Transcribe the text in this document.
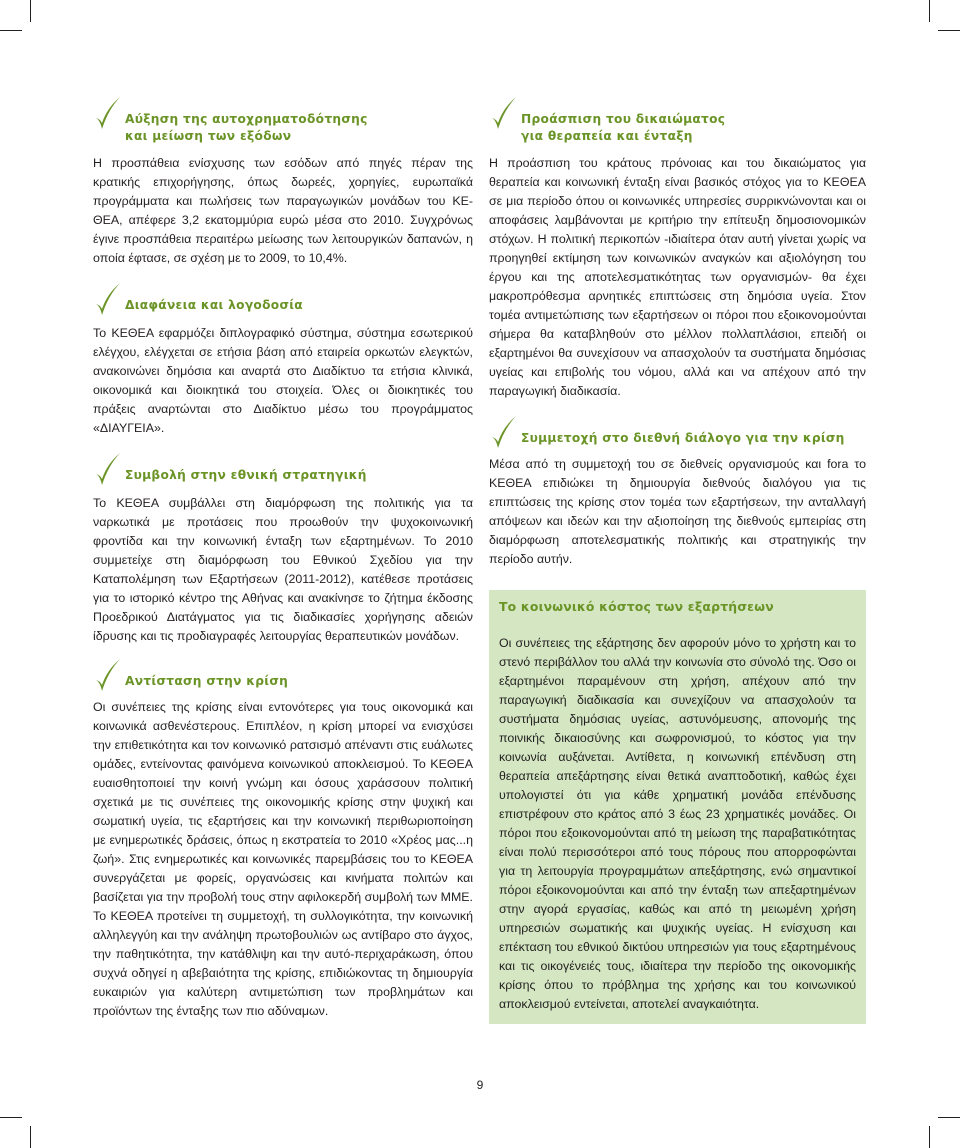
Αύξηση της αυτοχρηματοδότησης
και μείωση των εξόδων

Η προσπάθεια ενίσχυσης των εσόδων από πηγές πέραν της κρατικής επιχορήγησης, όπως δωρεές, χορηγίες, ευρωπαϊκά προγράμματα και πωλήσεις των παραγωγικών μονάδων του ΚΕ-ΘΕΑ, απέφερε 3,2 εκατομμύρια ευρώ μέσα στο 2010. Συγχρόνως έγινε προσπάθεια περαιτέρω μείωσης των λειτουργικών δαπανών, η οποία έφτασε, σε σχέση με το 2009, το 10,4%.

Διαφάνεια και λογοδοσία

Το ΚΕΘΕΑ εφαρμόζει διπλογραφικό σύστημα, σύστημα εσωτερικού ελέγχου, ελέγχεται σε ετήσια βάση από εταιρεία ορκωτών ελεγκτών, ανακοινώνει δημόσια και αναρτά στο Διαδίκτυο τα ετήσια κλινικά, οικονομικά και διοικητικά του στοιχεία. Όλες οι διοικητικές του πράξεις αναρτώνται στο Διαδίκτυο μέσω του προγράμματος «ΔΙΑΥΓΕΙΑ».

Συμβολή στην εθνική στρατηγική

Το ΚΕΘΕΑ συμβάλλει στη διαμόρφωση της πολιτικής για τα ναρκωτικά με προτάσεις που προωθούν την ψυχοκοινωνική φροντίδα και την κοινωνική ένταξη των εξαρτημένων. Το 2010 συμμετείχε στη διαμόρφωση του Εθνικού Σχεδίου για την Καταπολέμηση των Εξαρτήσεων (2011-2012), κατέθεσε προτάσεις για το ιστορικό κέντρο της Αθήνας και ανακίνησε το ζήτημα έκδοσης Προεδρικού Διατάγματος για τις διαδικασίες χορήγησης αδειών ίδρυσης και τις προδιαγραφές λειτουργίας θεραπευτικών μονάδων.

Αντίσταση στην κρίση

Οι συνέπειες της κρίσης είναι εντονότερες για τους οικονομικά και κοινωνικά ασθενέστερους. Επιπλέον, η κρίση μπορεί να ενισχύσει την επιθετικότητα και τον κοινωνικό ρατσισμό απέναντι στις ευάλωτες ομάδες, εντείνοντας φαινόμενα κοινωνικού αποκλεισμού. Το ΚΕΘΕΑ ευαισθητοποιεί την κοινή γνώμη και όσους χαράσσουν πολιτική σχετικά με τις συνέπειες της οικονομικής κρίσης στην ψυχική και σωματική υγεία, τις εξαρτήσεις και την κοινωνική περιθωριοποίηση με ενημερωτικές δράσεις, όπως η εκστρατεία το 2010 «Χρέος μας...η ζωή». Στις ενημερωτικές και κοινωνικές παρεμβάσεις του το ΚΕΘΕΑ συνεργάζεται με φορείς, οργανώσεις και κινήματα πολιτών και βασίζεται για την προβολή τους στην αφιλοκερδή συμβολή των ΜΜΕ. Το ΚΕΘΕΑ προτείνει τη συμμετοχή, τη συλλογικότητα, την κοινωνική αλληλεγγύη και την ανάληψη πρωτοβουλιών ως αντίβαρο στο άγχος, την παθητικότητα, την κατάθλιψη και την αυτό-περιχαράκωση, όπου συχνά οδηγεί η αβεβαιότητα της κρίσης, επιδιώκοντας τη δημιουργία ευκαιριών για καλύτερη αντιμετώπιση των προβλημάτων και προϊόντων της ένταξης των πιο αδύναμων.

Προάσπιση του δικαιώματος
για θεραπεία και ένταξη

Η προάσπιση του κράτους πρόνοιας και του δικαιώματος για θεραπεία και κοινωνική ένταξη είναι βασικός στόχος για το ΚΕΘΕΑ σε μια περίοδο όπου οι κοινωνικές υπηρεσίες συρρικνώνονται και οι αποφάσεις λαμβάνονται με κριτήριο την επίτευξη δημοσιονομικών στόχων. Η πολιτική περικοπών -ιδιαίτερα όταν αυτή γίνεται χωρίς να προηγηθεί εκτίμηση των κοινωνικών αναγκών και αξιολόγηση του έργου και της αποτελεσματικότητας των οργανισμών- θα έχει μακροπρόθεσμα αρνητικές επιπτώσεις στη δημόσια υγεία. Στον τομέα αντιμετώπισης των εξαρτήσεων οι πόροι που εξοικονομούνται σήμερα θα καταβληθούν στο μέλλον πολλαπλάσιοι, επειδή οι εξαρτημένοι θα συνεχίσουν να απασχολούν τα συστήματα δημόσιας υγείας και επιβολής του νόμου, αλλά και να απέχουν από την παραγωγική διαδικασία.

Συμμετοχή στο διεθνή διάλογο για την κρίση

Μέσα από τη συμμετοχή του σε διεθνείς οργανισμούς και fora το ΚΕΘΕΑ επιδιώκει τη δημιουργία διεθνούς διαλόγου για τις επιπτώσεις της κρίσης στον τομέα των εξαρτήσεων, την ανταλλαγή απόψεων και ιδεών και την αξιοποίηση της διεθνούς εμπειρίας στη διαμόρφωση αποτελεσματικής πολιτικής και στρατηγικής την περίοδο αυτήν.

Το κοινωνικό κόστος των εξαρτήσεων

Οι συνέπειες της εξάρτησης δεν αφορούν μόνο το χρήστη και το στενό περιβάλλον του αλλά την κοινωνία στο σύνολό της. Όσο οι εξαρτημένοι παραμένουν στη χρήση, απέχουν από την παραγωγική διαδικασία και συνεχίζουν να απασχολούν τα συστήματα δημόσιας υγείας, αστυνόμευσης, απονομής της ποινικής δικαιοσύνης και σωφρονισμού, το κόστος για την κοινωνία αυξάνεται. Αντίθετα, η κοινωνική επένδυση στη θεραπεία απεξάρτησης είναι θετικά αναπτοδοτική, καθώς έχει υπολογιστεί ότι για κάθε χρηματική μονάδα επένδυσης επιστρέφουν στο κράτος από 3 έως 23 χρηματικές μονάδες. Οι πόροι που εξοικονομούνται από τη μείωση της παραβατικότητας είναι πολύ περισσότεροι από τους πόρους που απορροφώνται για τη λειτουργία προγραμμάτων απεξάρτησης, ενώ σημαντικοί πόροι εξοικονομούνται και από την ένταξη των απεξαρτημένων στην αγορά εργασίας, καθώς και από τη μειωμένη χρήση υπηρεσιών σωματικής και ψυχικής υγείας. Η ενίσχυση και επέκταση του εθνικού δικτύου υπηρεσιών για τους εξαρτημένους και τις οικογένειές τους, ιδιαίτερα την περίοδο της οικονομικής κρίσης όπου το πρόβλημα της χρήσης και του κοινωνικού αποκλεισμού εντείνεται, αποτελεί αναγκαιότητα.

9
